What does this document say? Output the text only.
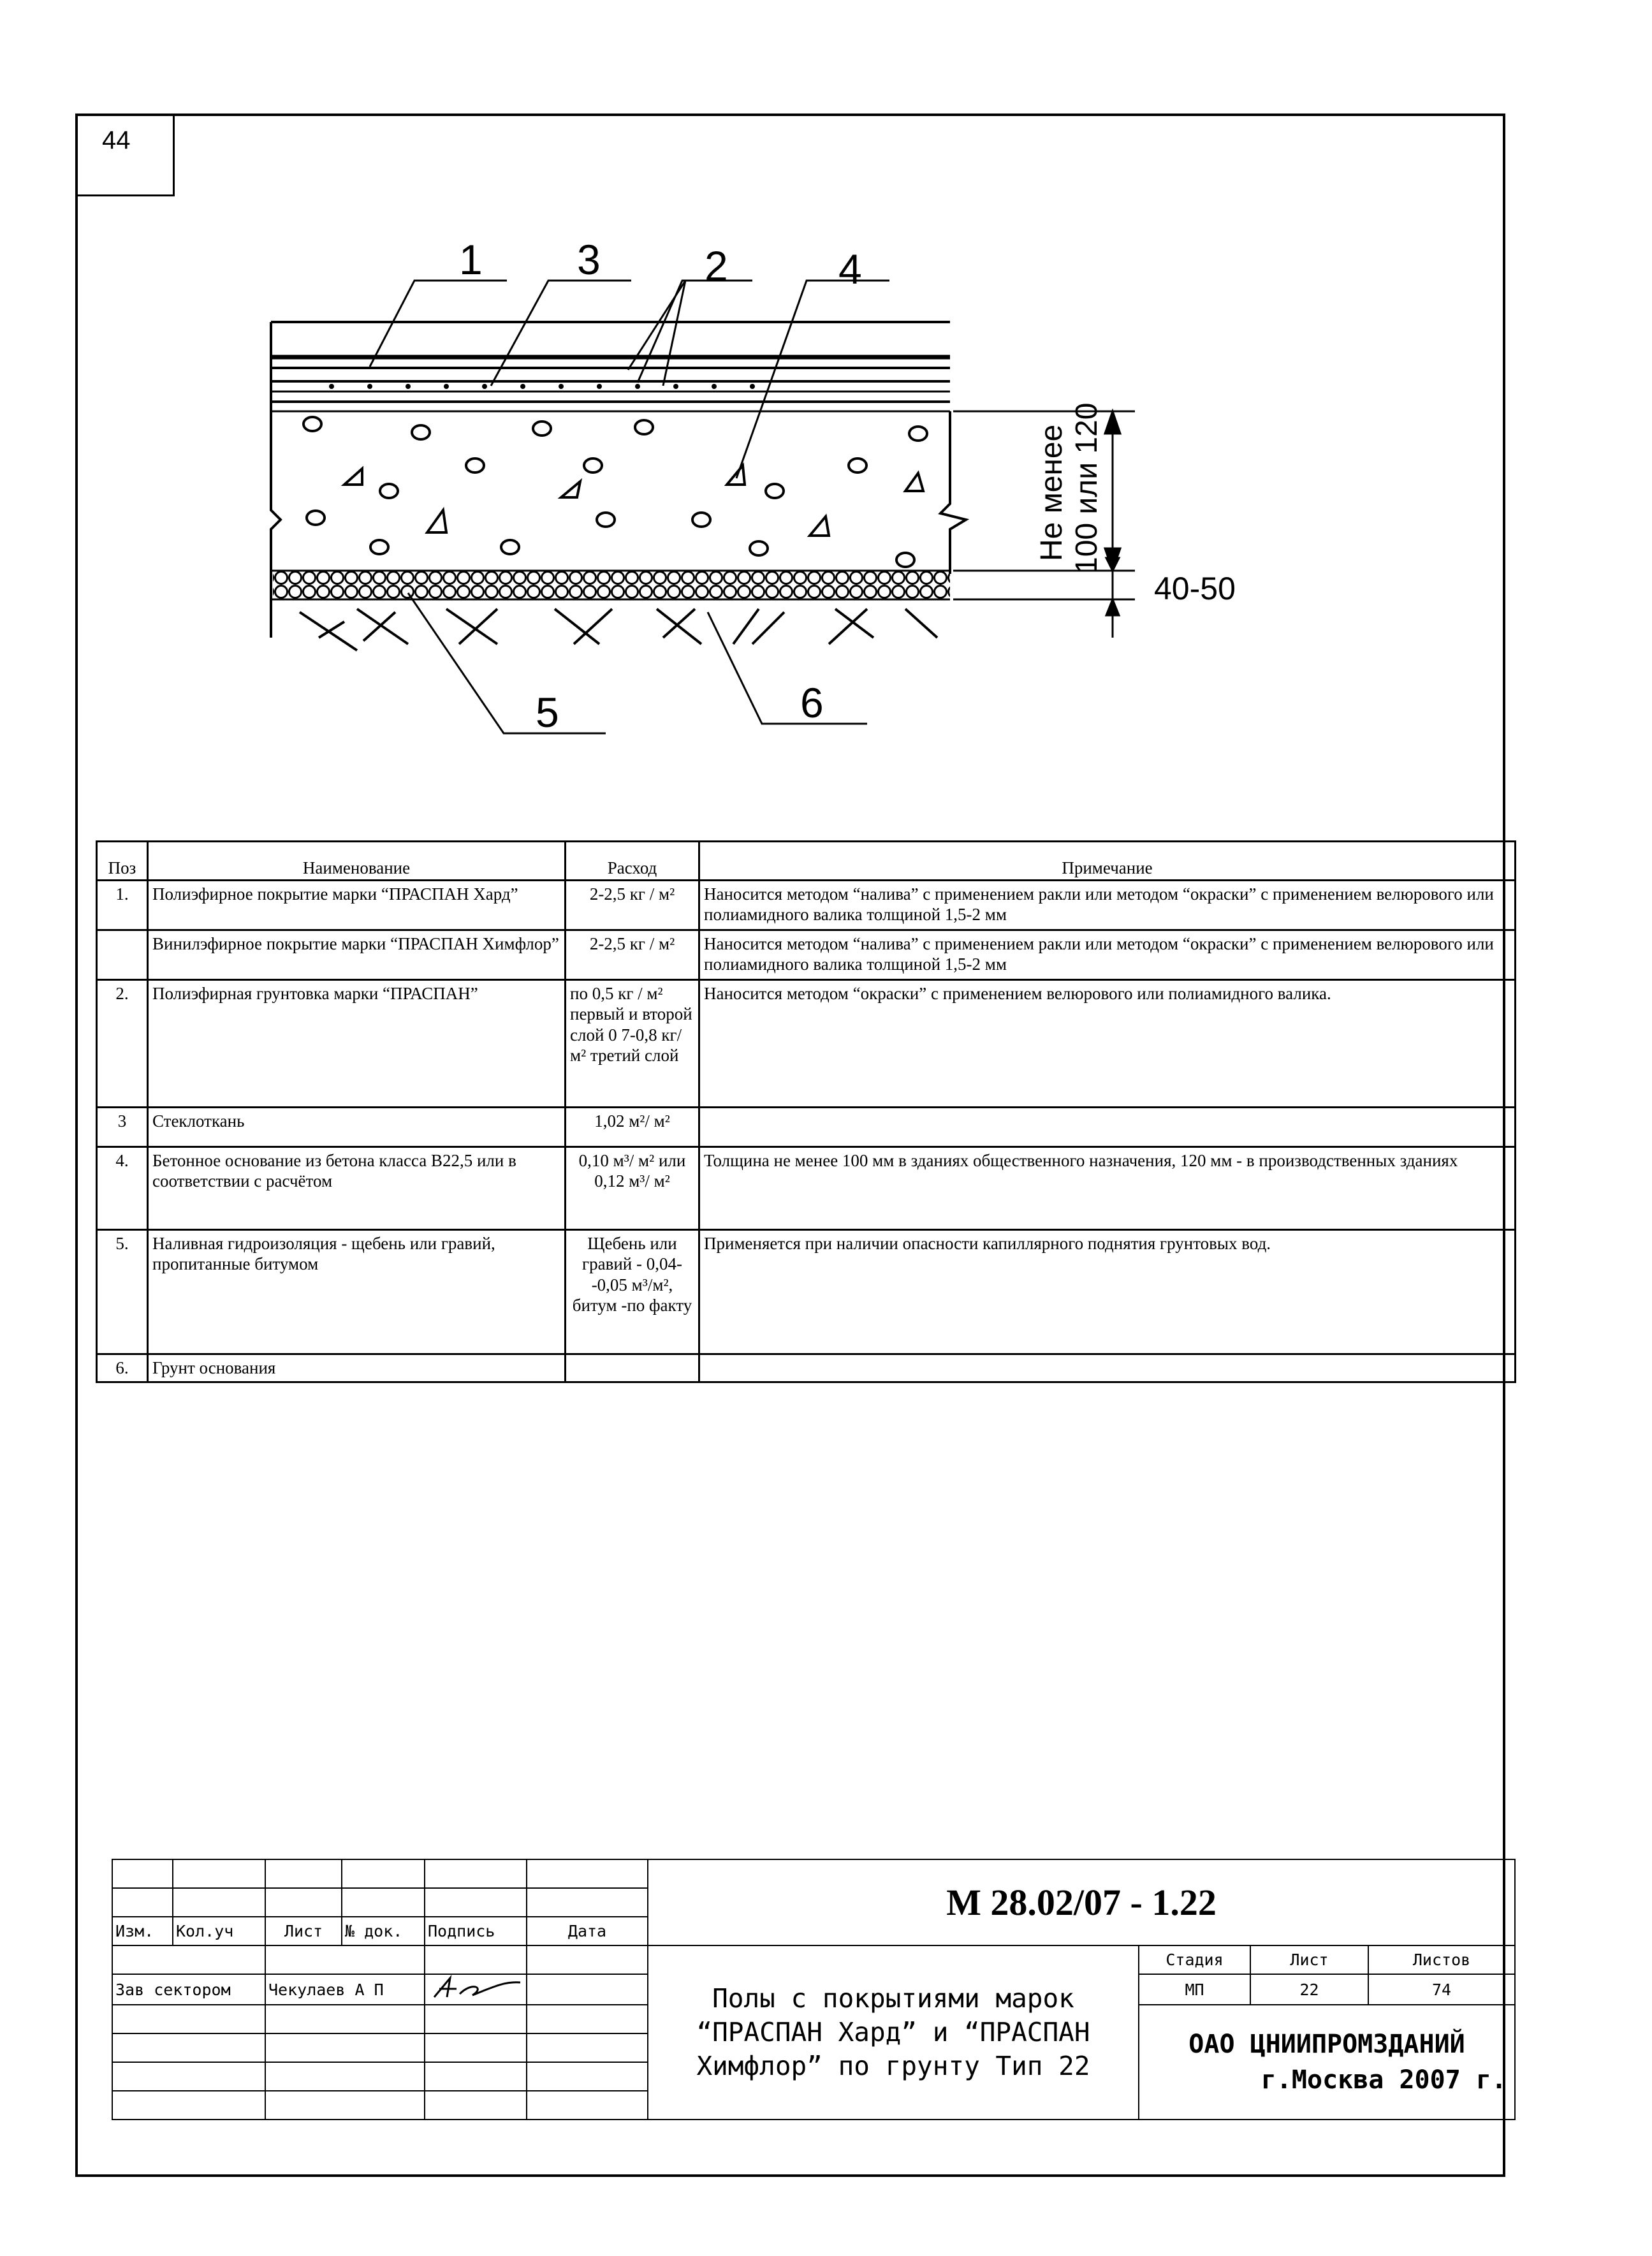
44
1 3 2	4
5	6
Не менее 100 или 120
40-50
Поз	Наименование	Расход	Примечание
1.	Полиэфирное покрытие марки “ПРАСПАН Хард”	2-2,5 кг / м²	Наносится методом “налива” с применением ракли или методом “окраски” с применением велюрового или полиамидного валика толщиной 1,5-2 мм
	Винилэфирное покрытие марки “ПРАСПАН Химфлор”	2-2,5 кг / м²	Наносится методом “налива” с применением ракли или методом “окраски” с применением велюрового или полиамидного валика толщиной 1,5-2 мм
2.	Полиэфирная грунтовка марки “ПРАСПАН”	по 0,5 кг / м² первый и второй слой 0 7-0,8 кг/м² третий слой	Наносится методом “окраски” с применением велюрового или полиамидного валика.
3	Стеклоткань	1,02 м²/ м²	
4.	Бетонное основание из бетона класса В22,5 или в соответствии с расчётом	0,10 м³/ м² или 0,12 м³/ м²	Толщина не менее 100 мм в зданиях общественного назначения, 120 мм - в производственных зданиях
5.	Наливная гидроизоляция - щебень или гравий, пропитанные битумом	Щебень или гравий - 0,04- -0,05 м³/м², битум -по факту	Применяется при наличии опасности капиллярного поднятия грунтовых вод.
6.	Грунт основания		
						М 28.02/07 - 1.22			

Изм.	Кол.уч	Лист	№ док.	Подпись	Дата				
						Полы с покрытиями марок “ПРАСПАН Хард” и “ПРАСПАН Химфлор” по грунту Тип 22	Стадия	Лист	Листов
Зав сектором		Чекулаев А П					МП	22	74

							ОАО ЦНИИПРОМЗДАНИЙ
г.Москва 2007 г.		
